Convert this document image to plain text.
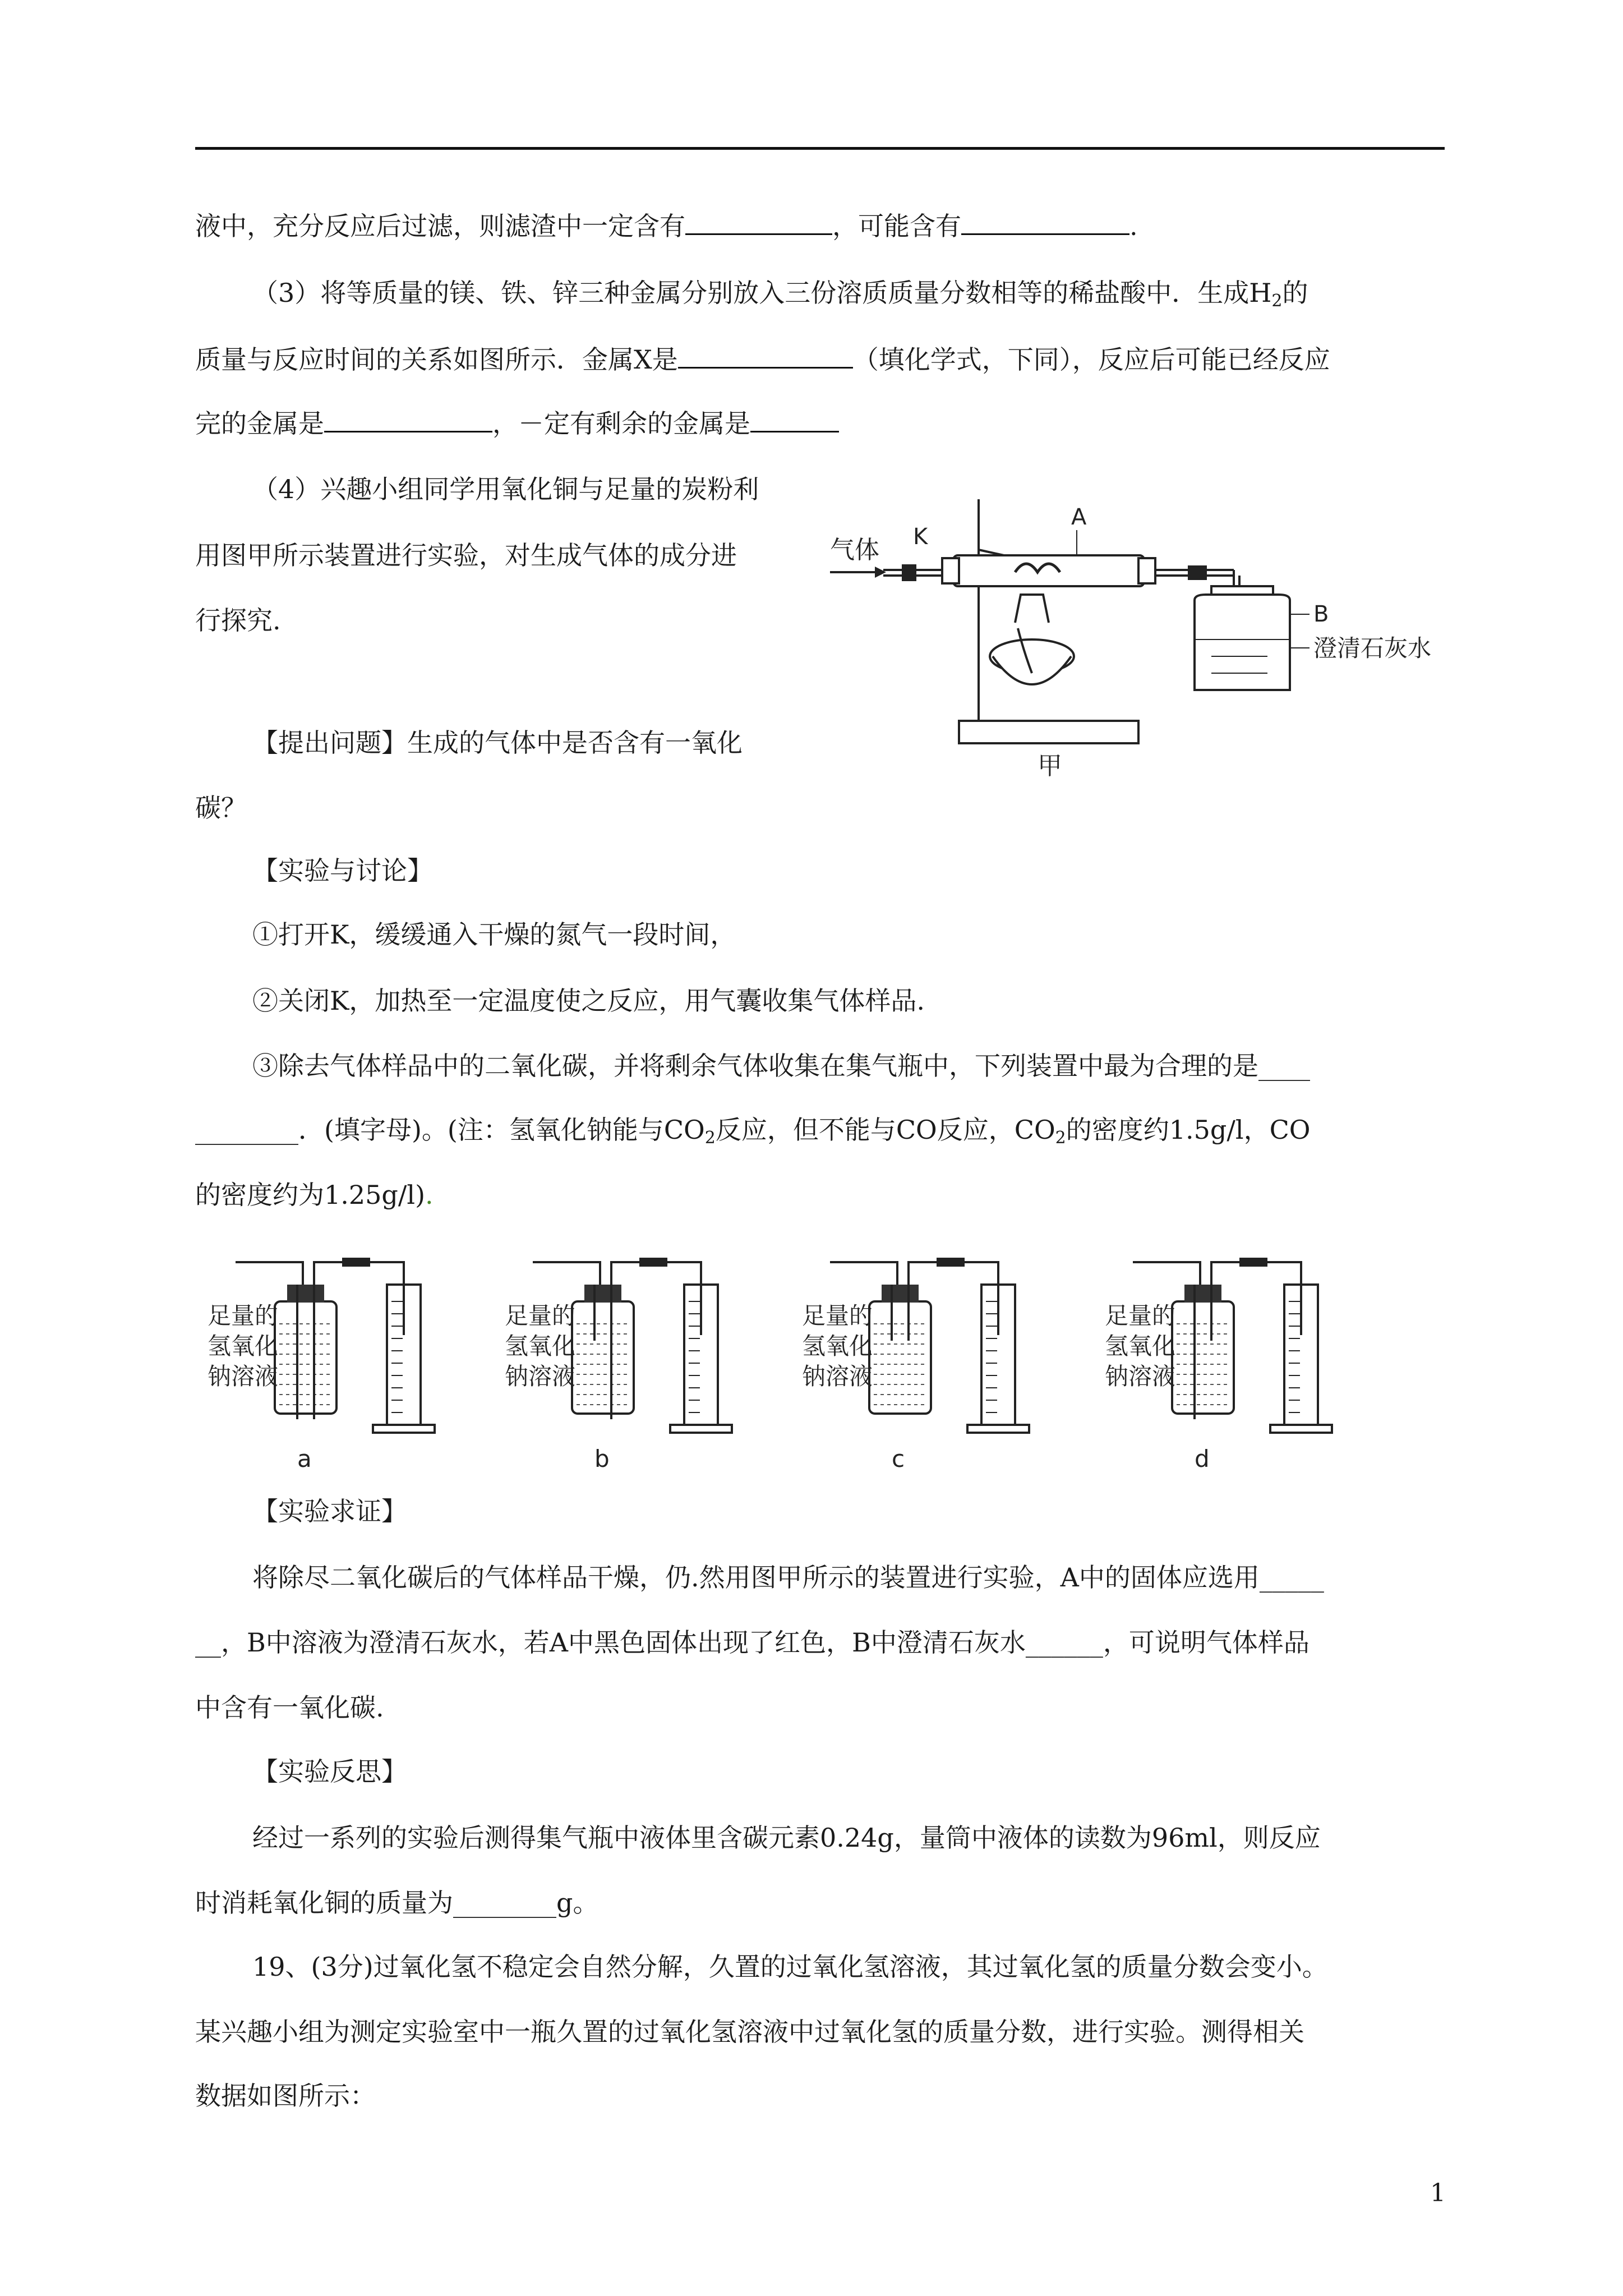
液中，充分反应后过滤，则滤渣中一定含有	，可能含有	.
（3）将等质量的镁、铁、锌三种金属分别放入三份溶质质量分数相等的稀盐酸中．生成$H_2$的
质量与反应时间的关系如图所示．金属X是	（填化学式，下同），反应后可能已经反应
完的金属是	，－定有剩余的金属是
（4）兴趣小组同学用氧化铜与足量的炭粉利
用图甲所示装置进行实验，对生成气体的成分进
行探究.
【提出问题】生成的气体中是否含有一氧化
碳？
气体 K
A
B
澄清石灰水
甲
【实验与讨论】
①打开K，缓缓通入干燥的氮气一段时间，
②关闭K，加热至一定温度使之反应，用气囊收集气体样品.
③除去气体样品中的二氧化碳，并将剩余气体收集在集气瓶中，下列装置中最为合理的是____
________．(填字母)。(注：氢氧化钠能与$CO_2$反应，但不能与CO反应，$CO_2$的密度约1.5g/l，CO
的密度约为1.25g/l).
足量的
氢氧化
钠溶液
a
足量的
氢氧化
钠溶液
b
足量的
氢氧化
钠溶液
c
足量的
氢氧化
钠溶液
d
【实验求证】
将除尽二氧化碳后的气体样品干燥，仍.然用图甲所示的装置进行实验，A中的固体应选用_____
__，B中溶液为澄清石灰水，若A中黑色固体出现了红色，B中澄清石灰水______，可说明气体样品
中含有一氧化碳.
【实验反思】
经过一系列的实验后测得集气瓶中液体里含碳元素0.24g，量筒中液体的读数为96ml，则反应
时消耗氧化铜的质量为________g。
19、(3分)过氧化氢不稳定会自然分解，久置的过氧化氢溶液，其过氧化氢的质量分数会变小。
某兴趣小组为测定实验室中一瓶久置的过氧化氢溶液中过氧化氢的质量分数，进行实验。测得相关
数据如图所示：
1
